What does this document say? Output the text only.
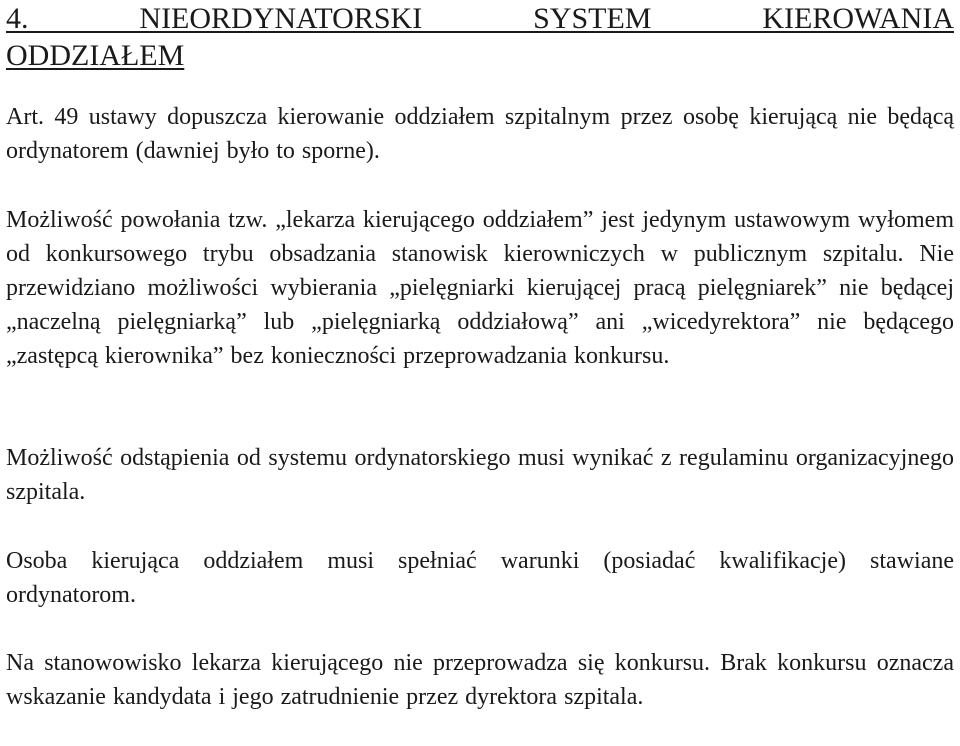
4. NIEORDYNATORSKI SYSTEM KIEROWANIA
ODDZIAŁEM

Art. 49 ustawy dopuszcza kierowanie oddziałem szpitalnym przez osobę kierującą nie będącą ordynatorem (dawniej było to sporne).

Możliwość powołania tzw. „lekarza kierującego oddziałem” jest jedynym ustawowym wyłomem od konkursowego trybu obsadzania stanowisk kierowniczych w publicznym szpitalu. Nie przewidziano możliwości wybierania „pielęgniarki kierującej pracą pielęgniarek” nie będącej „naczelną pielęgniarką” lub „pielęgniarką oddziałową” ani „wicedyrektora” nie będącego „zastępcą kierownika” bez konieczności przeprowadzania konkursu.

Możliwość odstąpienia od systemu ordynatorskiego musi wynikać z regulaminu organizacyjnego szpitala.

Osoba kierująca oddziałem musi spełniać warunki (posiadać kwalifikacje) stawiane ordynatorom.

Na stanowowisko lekarza kierującego nie przeprowadza się konkursu. Brak konkursu oznacza wskazanie kandydata i jego zatrudnienie przez dyrektora szpitala.
